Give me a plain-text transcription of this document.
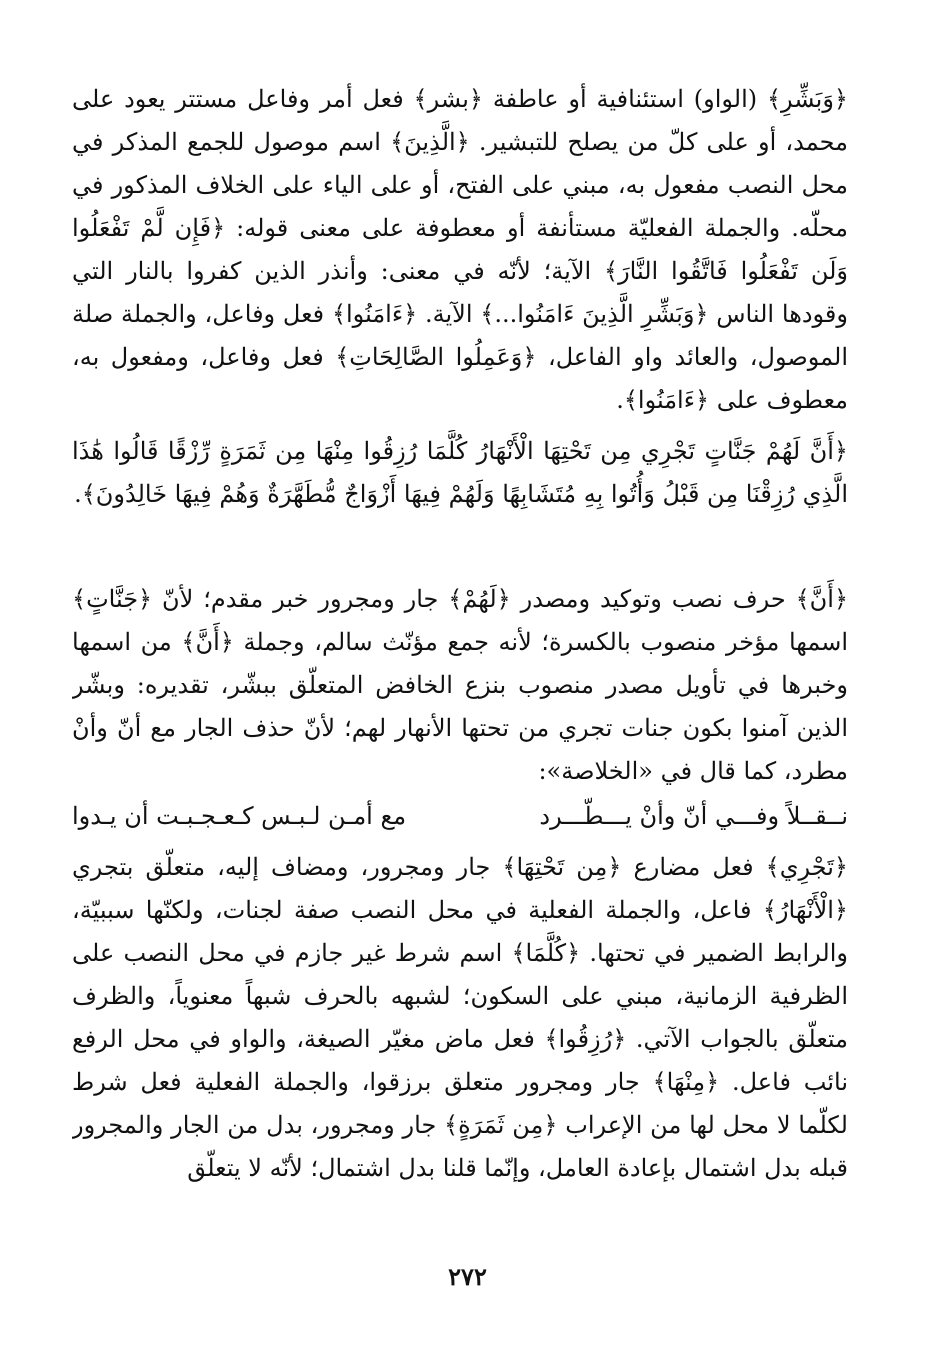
﴿وَبَشِّرِ﴾ (الواو) استئنافية أو عاطفة ﴿بشر﴾ فعل أمر وفاعل مستتر يعود على محمد، أو على كلّ من يصلح للتبشير. ﴿الَّذِينَ﴾ اسم موصول للجمع المذكر في محل النصب مفعول به، مبني على الفتح، أو على الياء على الخلاف المذكور في محلّه. والجملة الفعليّة مستأنفة أو معطوفة على معنى قوله: ﴿فَإِن لَّمْ تَفْعَلُوا وَلَن تَفْعَلُوا فَاتَّقُوا النَّارَ﴾ الآية؛ لأنّه في معنى: وأنذر الذين كفروا بالنار التي وقودها الناس ﴿وَبَشِّرِ الَّذِينَ ءَامَنُوا...﴾ الآية. ﴿ءَامَنُوا﴾ فعل وفاعل، والجملة صلة الموصول، والعائد واو الفاعل، ﴿وَعَمِلُوا الصَّالِحَاتِ﴾ فعل وفاعل، ومفعول به، معطوف على ﴿ءَامَنُوا﴾.

﴿أَنَّ لَهُمْ جَنَّاتٍ تَجْرِي مِن تَحْتِهَا الْأَنْهَارُ كُلَّمَا رُزِقُوا مِنْهَا مِن ثَمَرَةٍ رِّزْقًا قَالُوا هَٰذَا الَّذِي رُزِقْنَا مِن قَبْلُ وَأُتُوا بِهِ مُتَشَابِهًا وَلَهُمْ فِيهَا أَزْوَاجٌ مُّطَهَّرَةٌ وَهُمْ فِيهَا خَالِدُونَ﴾.

﴿أَنَّ﴾ حرف نصب وتوكيد ومصدر ﴿لَهُمْ﴾ جار ومجرور خبر مقدم؛ لأنّ ﴿جَنَّاتٍ﴾ اسمها مؤخر منصوب بالكسرة؛ لأنه جمع مؤنّث سالم، وجملة ﴿أَنَّ﴾ من اسمها وخبرها في تأويل مصدر منصوب بنزع الخافض المتعلّق ببشّر، تقديره: وبشّر الذين آمنوا بكون جنات تجري من تحتها الأنهار لهم؛ لأنّ حذف الجار مع أنّ وأنْ مطرد، كما قال في «الخلاصة»:

نــقــلاً وفـــي أنّ وأنْ يـــطّـــرد
مع أمـن لـبـس كـعـجـبـت أن يـدوا

﴿تَجْرِي﴾ فعل مضارع ﴿مِن تَحْتِهَا﴾ جار ومجرور، ومضاف إليه، متعلّق بتجري ﴿الْأَنْهَارُ﴾ فاعل، والجملة الفعلية في محل النصب صفة لجنات، ولكنّها سببيّة، والرابط الضمير في تحتها. ﴿كُلَّمَا﴾ اسم شرط غير جازم في محل النصب على الظرفية الزمانية، مبني على السكون؛ لشبهه بالحرف شبهاً معنوياً، والظرف متعلّق بالجواب الآتي. ﴿رُزِقُوا﴾ فعل ماض مغيّر الصيغة، والواو في محل الرفع نائب فاعل. ﴿مِنْهَا﴾ جار ومجرور متعلق برزقوا، والجملة الفعلية فعل شرط لكلّما لا محل لها من الإعراب ﴿مِن ثَمَرَةٍ﴾ جار ومجرور، بدل من الجار والمجرور قبله بدل اشتمال بإعادة العامل، وإنّما قلنا بدل اشتمال؛ لأنّه لا يتعلّق

٢٧٢
